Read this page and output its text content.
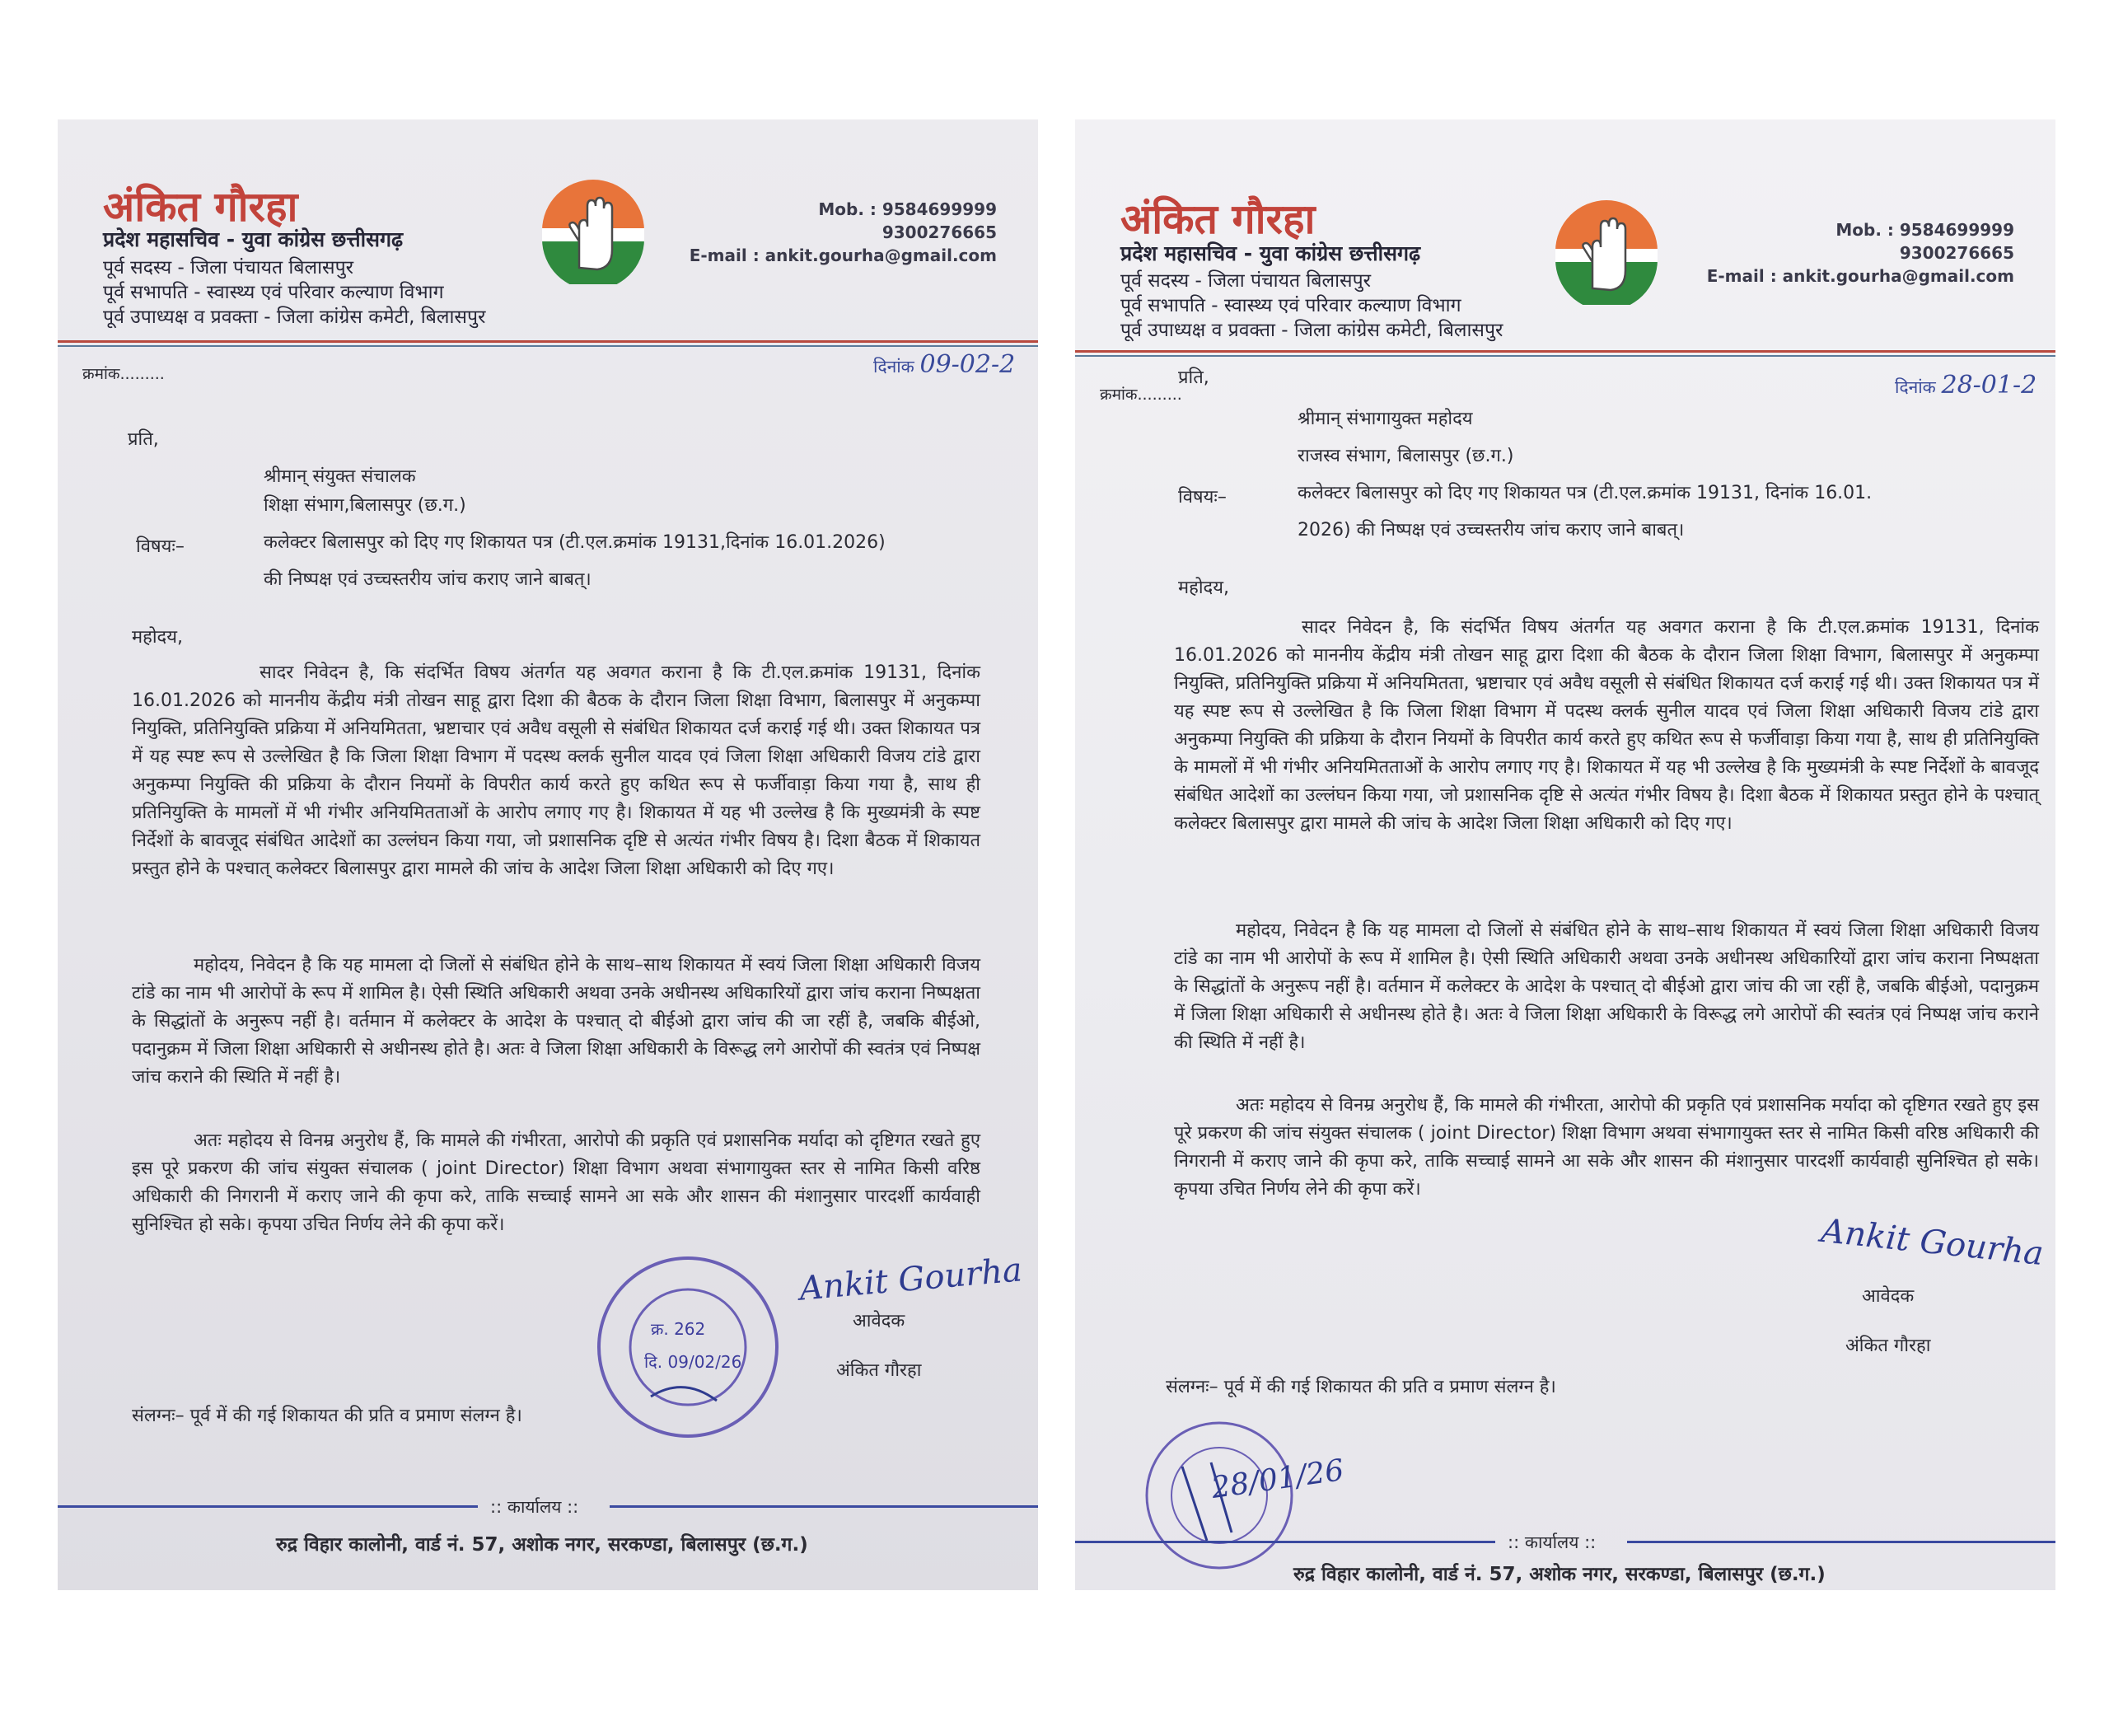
अंकित गौरहा
प्रदेश महासचिव - युवा कांग्रेस छत्तीसगढ़
पूर्व सदस्य - जिला पंचायत बिलासपुर
पूर्व सभापति - स्वास्थ्य एवं परिवार कल्याण विभाग
पूर्व उपाध्यक्ष व प्रवक्ता - जिला कांग्रेस कमेटी, बिलासपुर
Mob. : 9584699999
9300276665
E-mail : ankit.gourha@gmail.com
क्रमांक.........	दिनांक 09-02-2
प्रति,
श्रीमान् संयुक्त संचालक
शिक्षा संभाग,बिलासपुर (छ.ग.)
विषयः–	कलेक्टर बिलासपुर को दिए गए शिकायत पत्र (टी.एल.क्रमांक 19131,दिनांक 16.01.2026)
की निष्पक्ष एवं उच्चस्तरीय जांच कराए जाने बाबत्।
महोदय,
सादर निवेदन है, कि संदर्भित विषय अंतर्गत यह अवगत कराना है कि टी.एल.क्रमांक 19131, दिनांक 16.01.2026 को माननीय केंद्रीय मंत्री तोखन साहू द्वारा दिशा की बैठक के दौरान जिला शिक्षा विभाग, बिलासपुर में अनुकम्पा नियुक्ति, प्रतिनियुक्ति प्रक्रिया में अनियमितता, भ्रष्टाचार एवं अवैध वसूली से संबंधित शिकायत दर्ज कराई गई थी। उक्त शिकायत पत्र में यह स्पष्ट रूप से उल्लेखित है कि जिला शिक्षा विभाग में पदस्थ क्लर्क सुनील यादव एवं जिला शिक्षा अधिकारी विजय टांडे द्वारा अनुकम्पा नियुक्ति की प्रक्रिया के दौरान नियमों के विपरीत कार्य करते हुए कथित रूप से फर्जीवाड़ा किया गया है, साथ ही प्रतिनियुक्ति के मामलों में भी गंभीर अनियमितताओं के आरोप लगाए गए है। शिकायत में यह भी उल्लेख है कि मुख्यमंत्री के स्पष्ट निर्देशों के बावजूद संबंधित आदेशों का उल्लंघन किया गया, जो प्रशासनिक दृष्टि से अत्यंत गंभीर विषय है। दिशा बैठक में शिकायत प्रस्तुत होने के पश्चात् कलेक्टर बिलासपुर द्वारा मामले की जांच के आदेश जिला शिक्षा अधिकारी को दिए गए।
महोदय, निवेदन है कि यह मामला दो जिलों से संबंधित होने के साथ–साथ शिकायत में स्वयं जिला शिक्षा अधिकारी विजय टांडे का नाम भी आरोपों के रूप में शामिल है। ऐसी स्थिति अधिकारी अथवा उनके अधीनस्थ अधिकारियों द्वारा जांच कराना निष्पक्षता के सिद्धांतों के अनुरूप नहीं है। वर्तमान में कलेक्टर के आदेश के पश्चात् दो बीईओ द्वारा जांच की जा रहीं है, जबकि बीईओ, पदानुक्रम में जिला शिक्षा अधिकारी से अधीनस्थ होते है। अतः वे जिला शिक्षा अधिकारी के विरूद्ध लगे आरोपों की स्वतंत्र एवं निष्पक्ष जांच कराने की स्थिति में नहीं है।
अतः महोदय से विनम्र अनुरोध हैं, कि मामले की गंभीरता, आरोपो की प्रकृति एवं प्रशासनिक मर्यादा को दृष्टिगत रखते हुए इस पूरे प्रकरण की जांच संयुक्त संचालक ( joint Director) शिक्षा विभाग अथवा संभागायुक्त स्तर से नामित किसी वरिष्ठ अधिकारी की निगरानी में कराए जाने की कृपा करे, ताकि सच्चाई सामने आ सके और शासन की मंशानुसार पारदर्शी कार्यवाही सुनिश्चित हो सके। कृपया उचित निर्णय लेने की कृपा करें।
क्र. 262
दि. 09/02/26
Ankit Gourha
आवेदक
अंकित गौरहा
संलग्नः– पूर्व में की गई शिकायत की प्रति व प्रमाण संलग्न है।
:: कार्यालय ::
रुद्र विहार कालोनी, वार्ड नं. 57, अशोक नगर, सरकण्डा, बिलासपुर (छ.ग.)
अंकित गौरहा
प्रदेश महासचिव - युवा कांग्रेस छत्तीसगढ़
पूर्व सदस्य - जिला पंचायत बिलासपुर
पूर्व सभापति - स्वास्थ्य एवं परिवार कल्याण विभाग
पूर्व उपाध्यक्ष व प्रवक्ता - जिला कांग्रेस कमेटी, बिलासपुर
Mob. : 9584699999
9300276665
E-mail : ankit.gourha@gmail.com
प्रति,
क्रमांक.........	दिनांक 28-01-2
श्रीमान् संभागायुक्त महोदय
राजस्व संभाग, बिलासपुर (छ.ग.)
विषयः–	कलेक्टर बिलासपुर को दिए गए शिकायत पत्र (टी.एल.क्रमांक 19131, दिनांक 16.01.
2026) की निष्पक्ष एवं उच्चस्तरीय जांच कराए जाने बाबत्।
महोदय,
सादर निवेदन है, कि संदर्भित विषय अंतर्गत यह अवगत कराना है कि टी.एल.क्रमांक 19131, दिनांक 16.01.2026 को माननीय केंद्रीय मंत्री तोखन साहू द्वारा दिशा की बैठक के दौरान जिला शिक्षा विभाग, बिलासपुर में अनुकम्पा नियुक्ति, प्रतिनियुक्ति प्रक्रिया में अनियमितता, भ्रष्टाचार एवं अवैध वसूली से संबंधित शिकायत दर्ज कराई गई थी। उक्त शिकायत पत्र में यह स्पष्ट रूप से उल्लेखित है कि जिला शिक्षा विभाग में पदस्थ क्लर्क सुनील यादव एवं जिला शिक्षा अधिकारी विजय टांडे द्वारा अनुकम्पा नियुक्ति की प्रक्रिया के दौरान नियमों के विपरीत कार्य करते हुए कथित रूप से फर्जीवाड़ा किया गया है, साथ ही प्रतिनियुक्ति के मामलों में भी गंभीर अनियमितताओं के आरोप लगाए गए है। शिकायत में यह भी उल्लेख है कि मुख्यमंत्री के स्पष्ट निर्देशों के बावजूद संबंधित आदेशों का उल्लंघन किया गया, जो प्रशासनिक दृष्टि से अत्यंत गंभीर विषय है। दिशा बैठक में शिकायत प्रस्तुत होने के पश्चात् कलेक्टर बिलासपुर द्वारा मामले की जांच के आदेश जिला शिक्षा अधिकारी को दिए गए।
महोदय, निवेदन है कि यह मामला दो जिलों से संबंधित होने के साथ–साथ शिकायत में स्वयं जिला शिक्षा अधिकारी विजय टांडे का नाम भी आरोपों के रूप में शामिल है। ऐसी स्थिति अधिकारी अथवा उनके अधीनस्थ अधिकारियों द्वारा जांच कराना निष्पक्षता के सिद्धांतों के अनुरूप नहीं है। वर्तमान में कलेक्टर के आदेश के पश्चात् दो बीईओ द्वारा जांच की जा रहीं है, जबकि बीईओ, पदानुक्रम में जिला शिक्षा अधिकारी से अधीनस्थ होते है। अतः वे जिला शिक्षा अधिकारी के विरूद्ध लगे आरोपों की स्वतंत्र एवं निष्पक्ष जांच कराने की स्थिति में नहीं है।
अतः महोदय से विनम्र अनुरोध हैं, कि मामले की गंभीरता, आरोपो की प्रकृति एवं प्रशासनिक मर्यादा को दृष्टिगत रखते हुए इस पूरे प्रकरण की जांच संयुक्त संचालक ( joint Director) शिक्षा विभाग अथवा संभागायुक्त स्तर से नामित किसी वरिष्ठ अधिकारी की निगरानी में कराए जाने की कृपा करे, ताकि सच्चाई सामने आ सके और शासन की मंशानुसार पारदर्शी कार्यवाही सुनिश्चित हो सके। कृपया उचित निर्णय लेने की कृपा करें।
Ankit Gourha
आवेदक
अंकित गौरहा
संलग्नः– पूर्व में की गई शिकायत की प्रति व प्रमाण संलग्न है।
28/01/26
:: कार्यालय ::
रुद्र विहार कालोनी, वार्ड नं. 57, अशोक नगर, सरकण्डा, बिलासपुर (छ.ग.)
